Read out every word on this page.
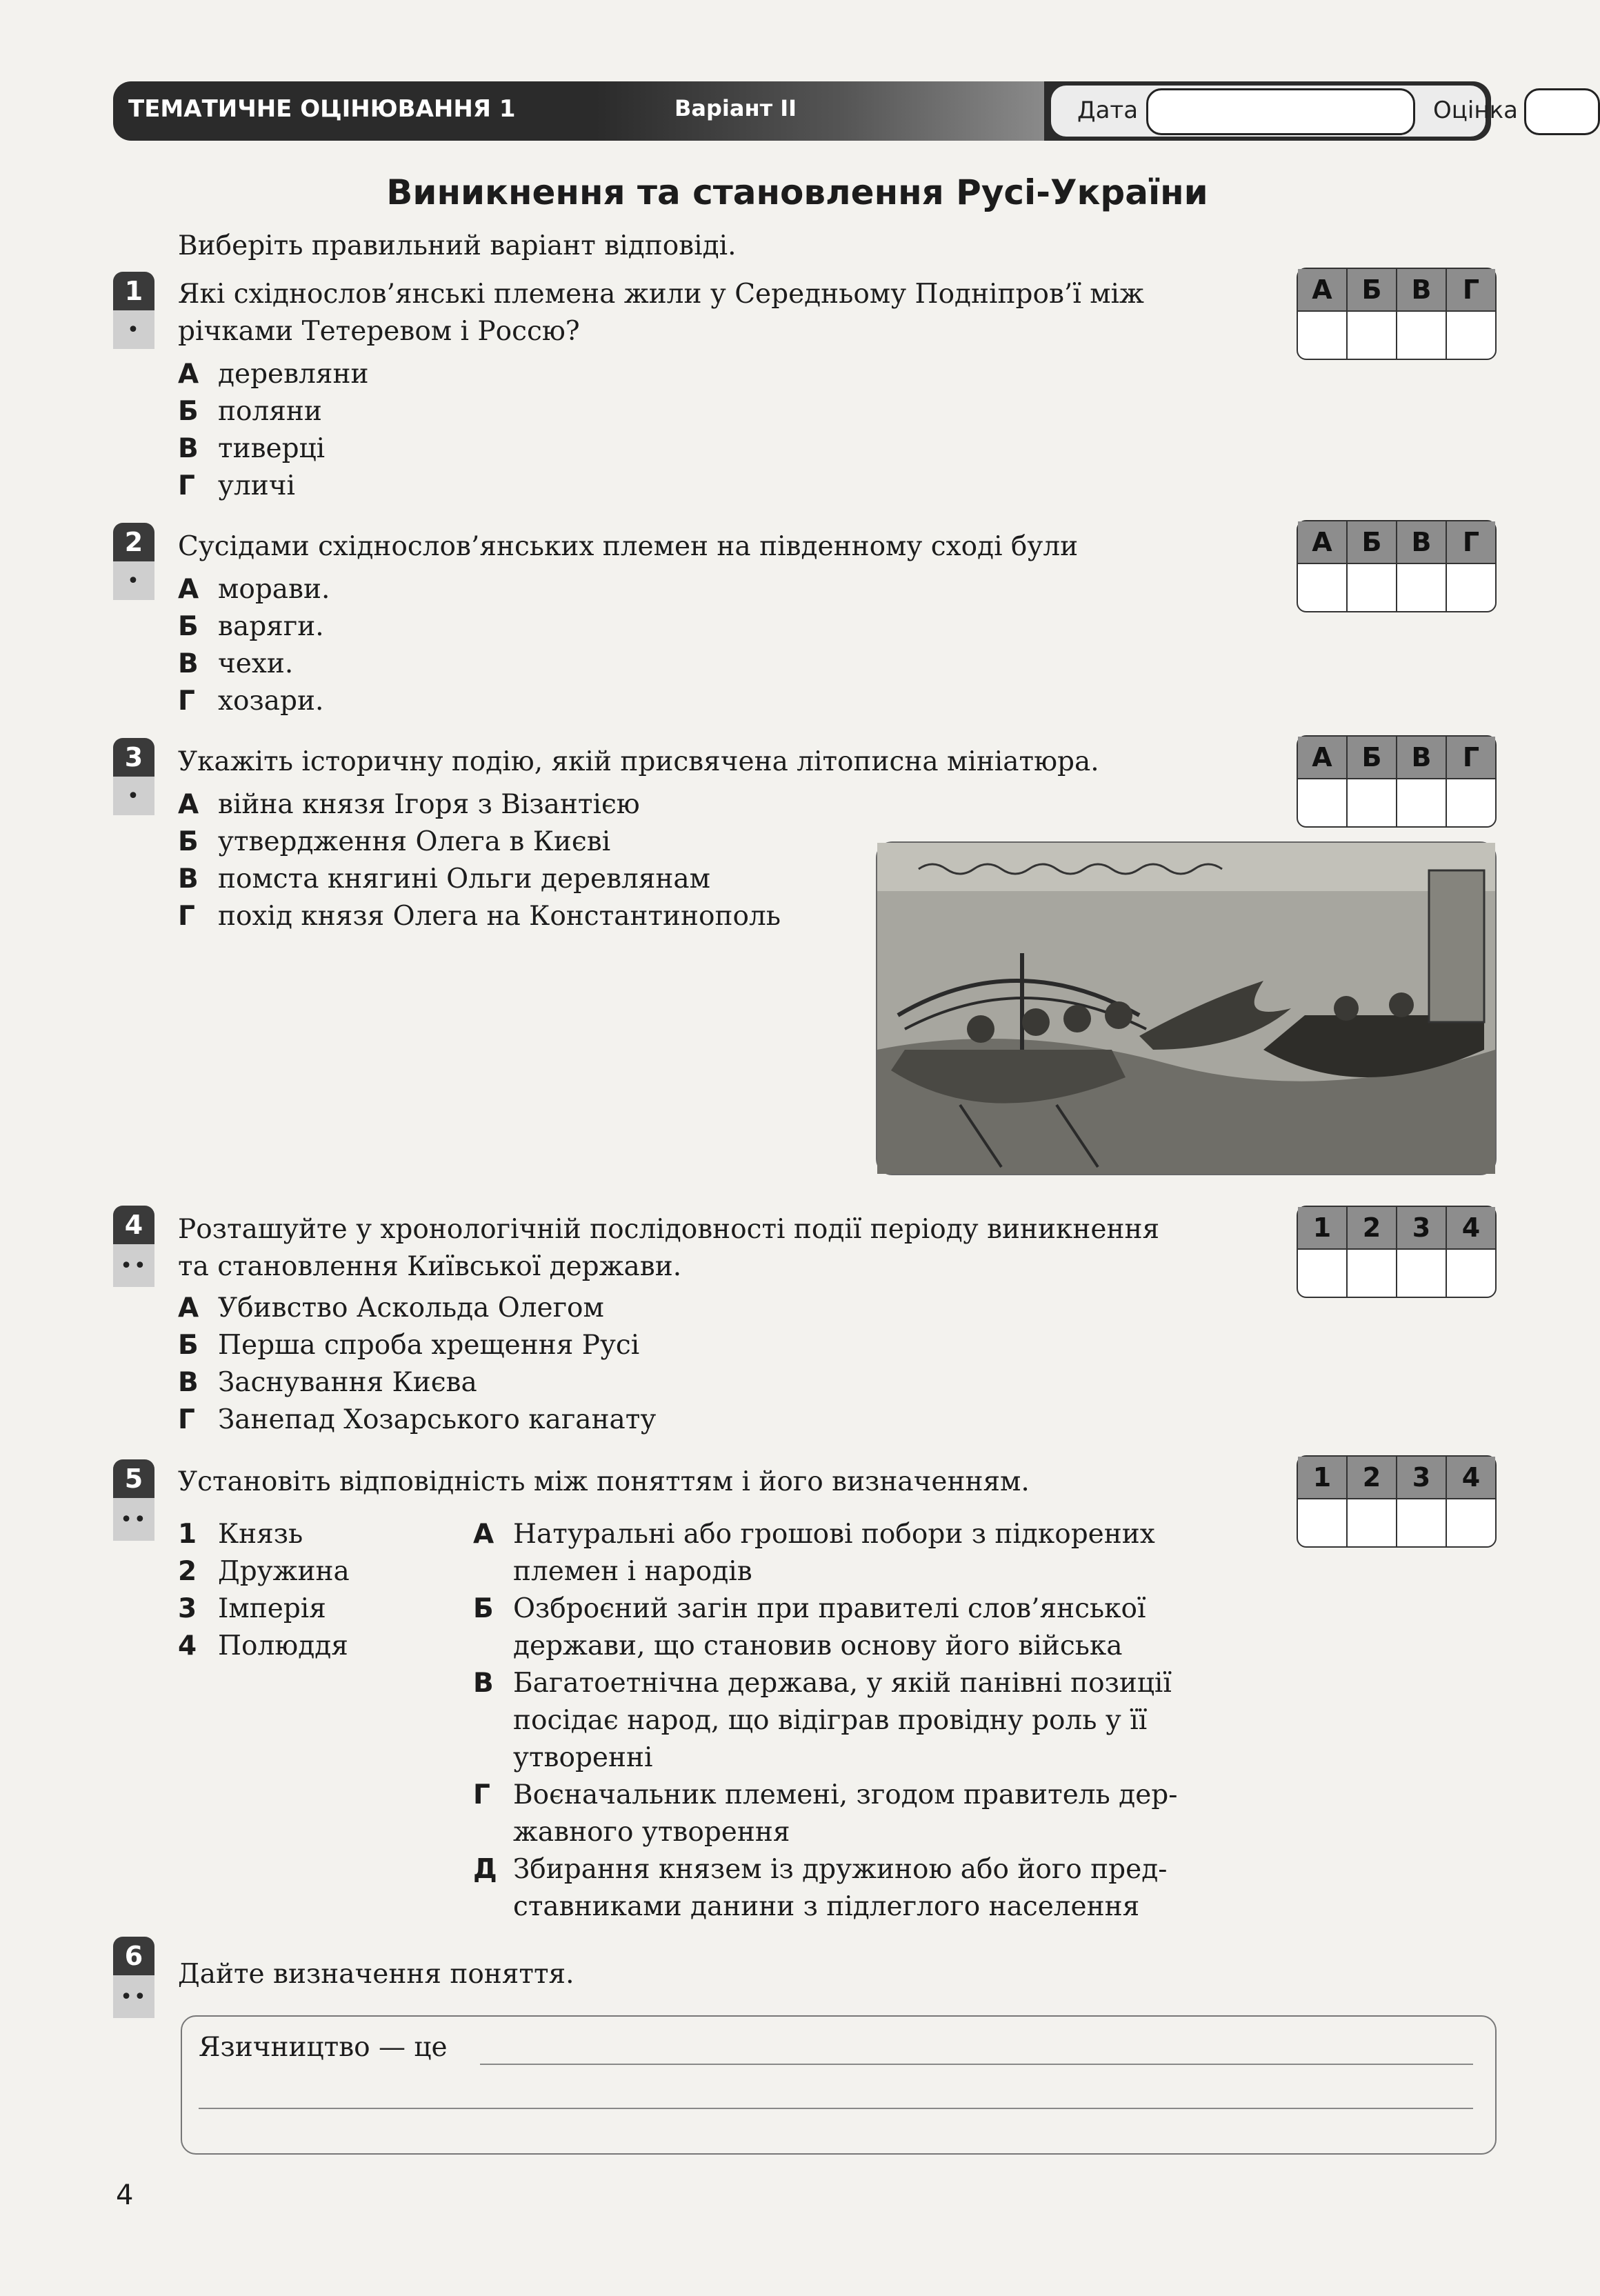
ТЕМАТИЧНЕ ОЦІНЮВАННЯ 1	Варіант II	Дата	Оцінка
Виникнення та становлення Русі-України
Виберіть правильний варіант відповіді.
1
•
Які східнослов’янські племена жили у Середньому Подніпров’ї між
річками Тетеревом і Россю?
А деревляни
Б поляни
В тиверці
Г уличі
А	Б	В	Г
2
•
Сусідами східнослов’янських племен на південному сході були
А морави.
Б варяги.
В чехи.
Г хозари.
А	Б	В	Г
3
•
Укажіть історичну подію, якій присвячена літописна мініатюра.
А війна князя Ігоря з Візантією
Б утвердження Олега в Києві
В помста княгині Ольги деревлянам
Г похід князя Олега на Константинополь
А	Б	В	Г
4
••
Розташуйте у хронологічній послідовності події періоду виникнення
та становлення Київської держави.
А Убивство Аскольда Олегом
Б Перша спроба хрещення Русі
В Заснування Києва
Г Занепад Хозарського каганату
1	2	3	4
5
••
Установіть відповідність між поняттям і його визначенням.
1 Князь
2 Дружина
3 Імперія
4 Полюддя
А Натуральні або грошові побори з підкорених
племен і народів
Б Озброєний загін при правителі слов’янської
держави, що становив основу його війська
В Багатоетнічна держава, у якій панівні позиції
посідає народ, що відіграв провідну роль у її
утворенні
Г Воєначальник племені, згодом правитель дер-
жавного утворення
Д Збирання князем із дружиною або його пред-
ставниками данини з підлеглого населення
1	2	3	4
6
••
Дайте визначення поняття.
Язичництво — це
4
